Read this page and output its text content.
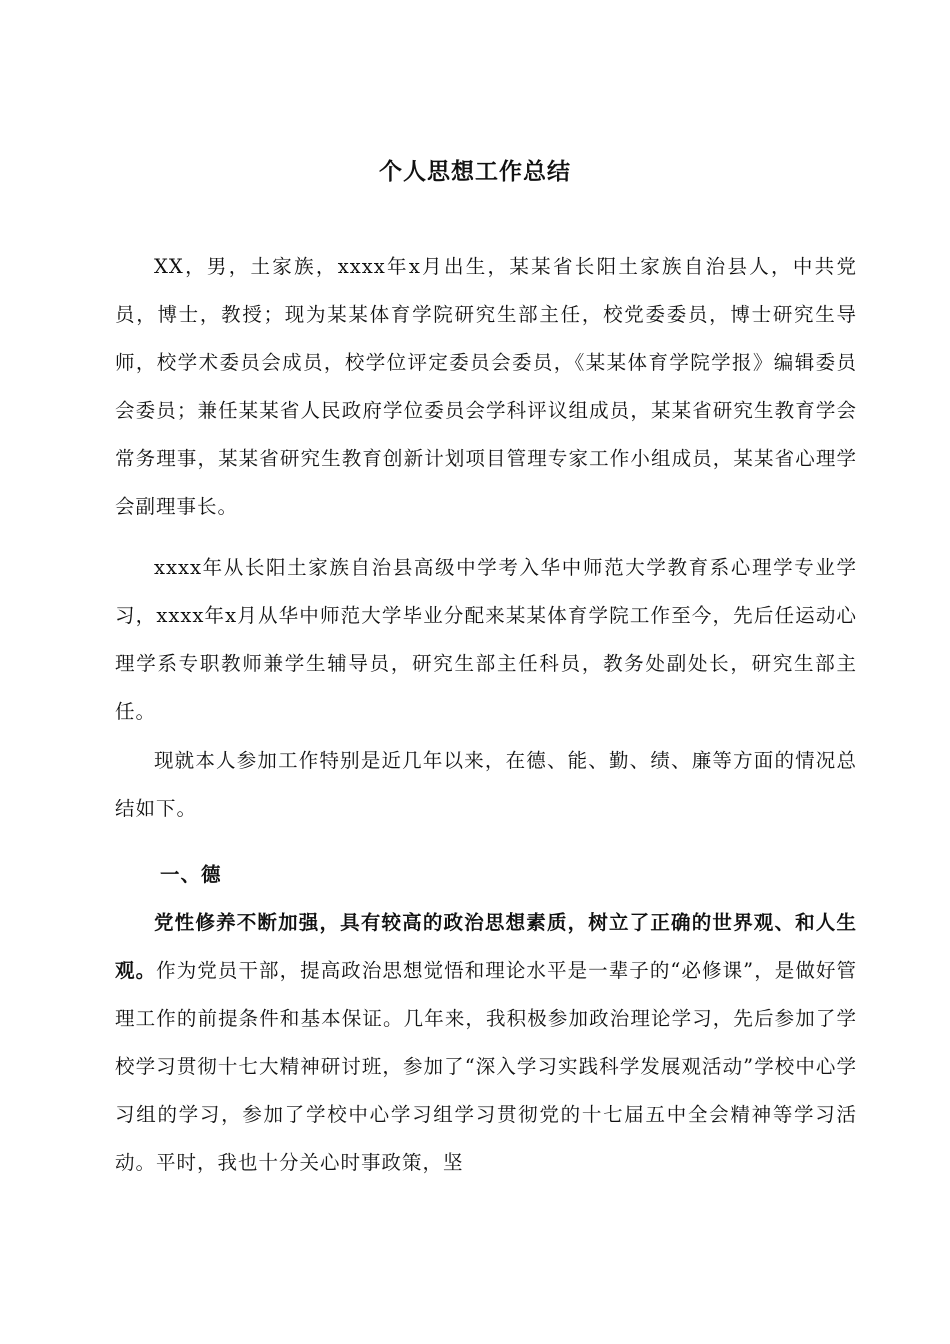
个人思想工作总结

XX，男，土家族，xxxx年x月出生，某某省长阳土家族自治县人，中共党员，博士，教授；现为某某体育学院研究生部主任，校党委委员，博士研究生导师，校学术委员会成员，校学位评定委员会委员，《某某体育学院学报》编辑委员会委员；兼任某某省人民政府学位委员会学科评议组成员，某某省研究生教育学会常务理事，某某省研究生教育创新计划项目管理专家工作小组成员，某某省心理学会副理事长。

xxxx年从长阳土家族自治县高级中学考入华中师范大学教育系心理学专业学习，xxxx年x月从华中师范大学毕业分配来某某体育学院工作至今，先后任运动心理学系专职教师兼学生辅导员，研究生部主任科员，教务处副处长，研究生部主任。

现就本人参加工作特别是近几年以来，在德、能、勤、绩、廉等方面的情况总结如下。

一、德

党性修养不断加强，具有较高的政治思想素质，树立了正确的世界观、和人生观。作为党员干部，提高政治思想觉悟和理论水平是一辈子的“必修课”，是做好管理工作的前提条件和基本保证。几年来，我积极参加政治理论学习，先后参加了学校学习贯彻十七大精神研讨班，参加了“深入学习实践科学发展观活动”学校中心学习组的学习，参加了学校中心学习组学习贯彻党的十七届五中全会精神等学习活动。平时，我也十分关心时事政策，坚
